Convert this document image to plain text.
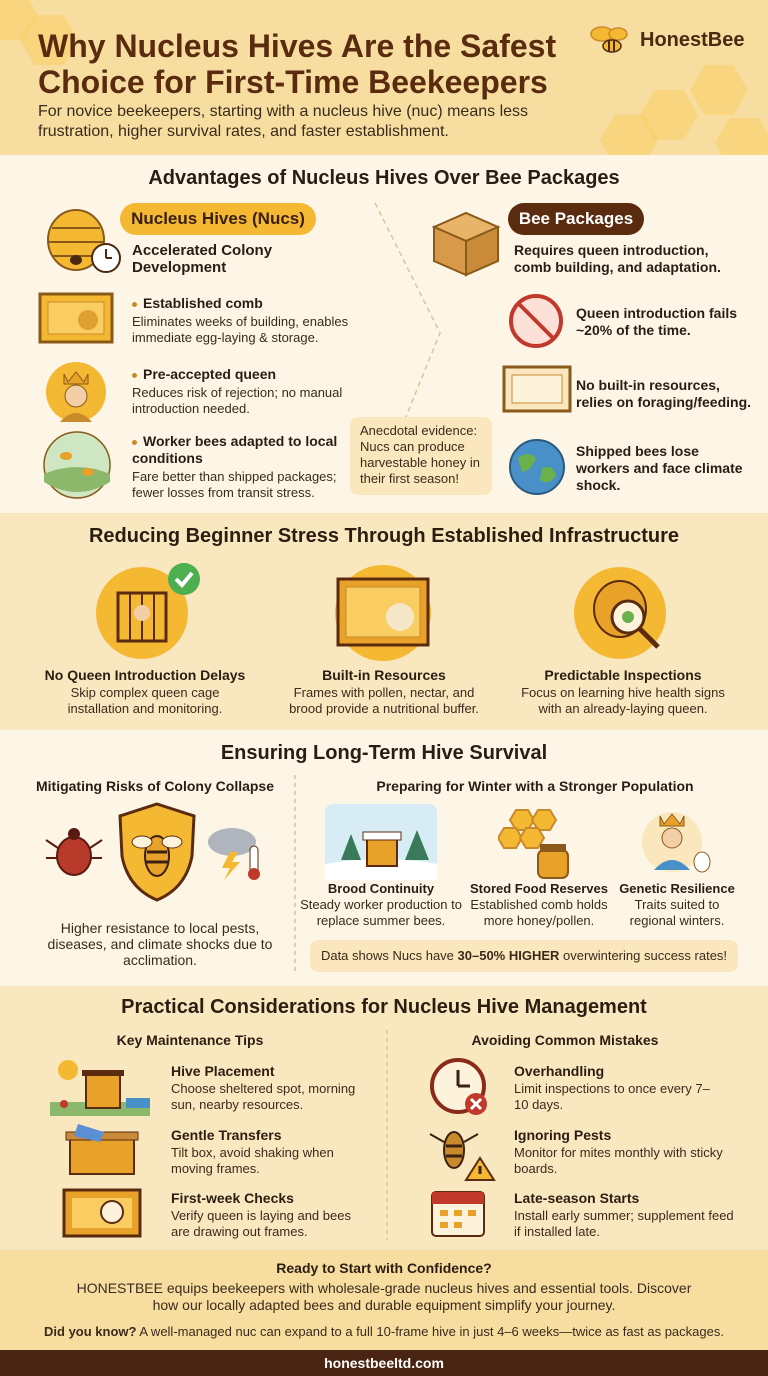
Why Nucleus Hives Are the Safest Choice for First-Time Beekeepers
For novice beekeepers, starting with a nucleus hive (nuc) means less frustration, higher survival rates, and faster establishment.
HonestBee
Advantages of Nucleus Hives Over Bee Packages
Nucleus Hives (Nucs)
Accelerated Colony Development
Established comb
Eliminates weeks of building, enables immediate egg-laying & storage.
Pre-accepted queen
Reduces risk of rejection; no manual introduction needed.
Worker bees adapted to local conditions
Fare better than shipped packages; fewer losses from transit stress.
Anecdotal evidence: Nucs can produce harvestable honey in their first season!
Bee Packages
Requires queen introduction, comb building, and adaptation.
Queen introduction fails ~20% of the time.
No built-in resources, relies on foraging/feeding.
Shipped bees lose workers and face climate shock.
Reducing Beginner Stress Through Established Infrastructure
No Queen Introduction Delays
Skip complex queen cage installation and monitoring.
Built-in Resources
Frames with pollen, nectar, and brood provide a nutritional buffer.
Predictable Inspections
Focus on learning hive health signs with an already-laying queen.
Ensuring Long-Term Hive Survival
Mitigating Risks of Colony Collapse
Higher resistance to local pests, diseases, and climate shocks due to acclimation.
Preparing for Winter with a Stronger Population
Brood Continuity
Steady worker production to replace summer bees.
Stored Food Reserves
Established comb holds more honey/pollen.
Genetic Resilience
Traits suited to regional winters.
Data shows Nucs have 30–50% HIGHER overwintering success rates!
Practical Considerations for Nucleus Hive Management
Key Maintenance Tips	Avoiding Common Mistakes
Hive Placement
Choose sheltered spot, morning sun, nearby resources.
Gentle Transfers
Tilt box, avoid shaking when moving frames.
First-week Checks
Verify queen is laying and bees are drawing out frames.
Overhandling
Limit inspections to once every 7–10 days.
Ignoring Pests
Monitor for mites monthly with sticky boards.
Late-season Starts
Install early summer; supplement feed if installed late.
Ready to Start with Confidence?
HONESTBEE equips beekeepers with wholesale-grade nucleus hives and essential tools. Discover how our locally adapted bees and durable equipment simplify your journey.
Did you know? A well-managed nuc can expand to a full 10-frame hive in just 4–6 weeks—twice as fast as packages.
honestbeeltd.com
